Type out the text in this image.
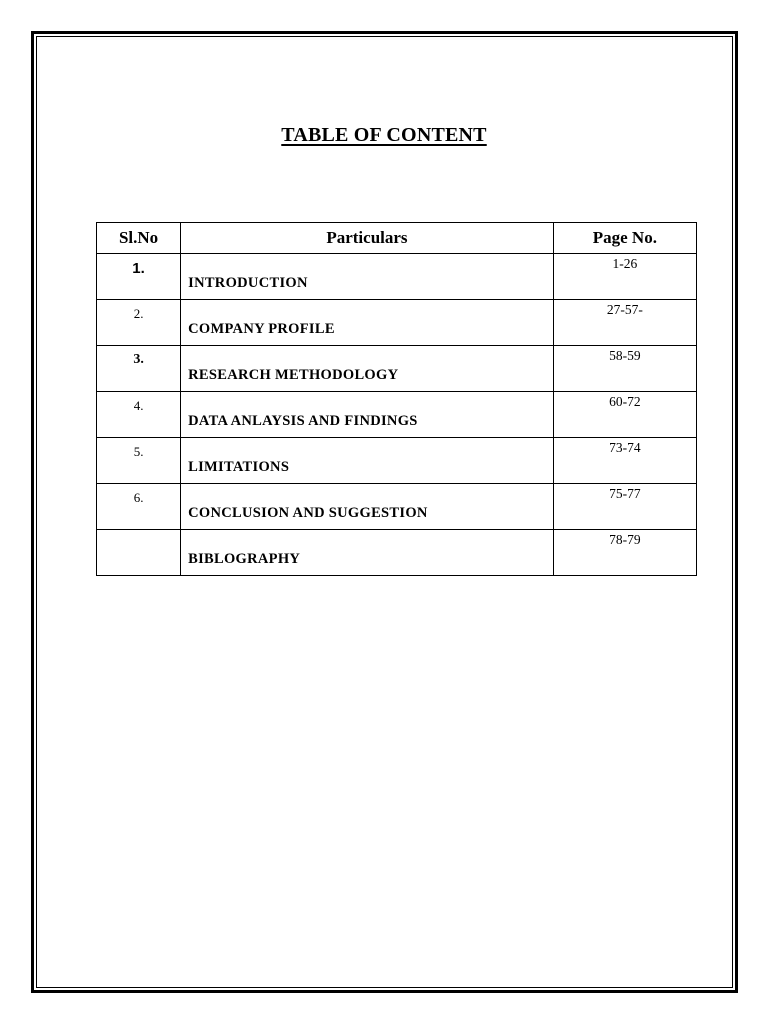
TABLE OF CONTENT
Sl.No	Particulars	Page No.

1.	INTRODUCTION	1-26

2.	COMPANY PROFILE	27-57-

3.	RESEARCH METHODOLOGY	58-59

4.	DATA ANLAYSIS AND FINDINGS	60-72

5.	LIMITATIONS	73-74

6.	CONCLUSION AND SUGGESTION	75-77

	BIBLOGRAPHY	78-79
